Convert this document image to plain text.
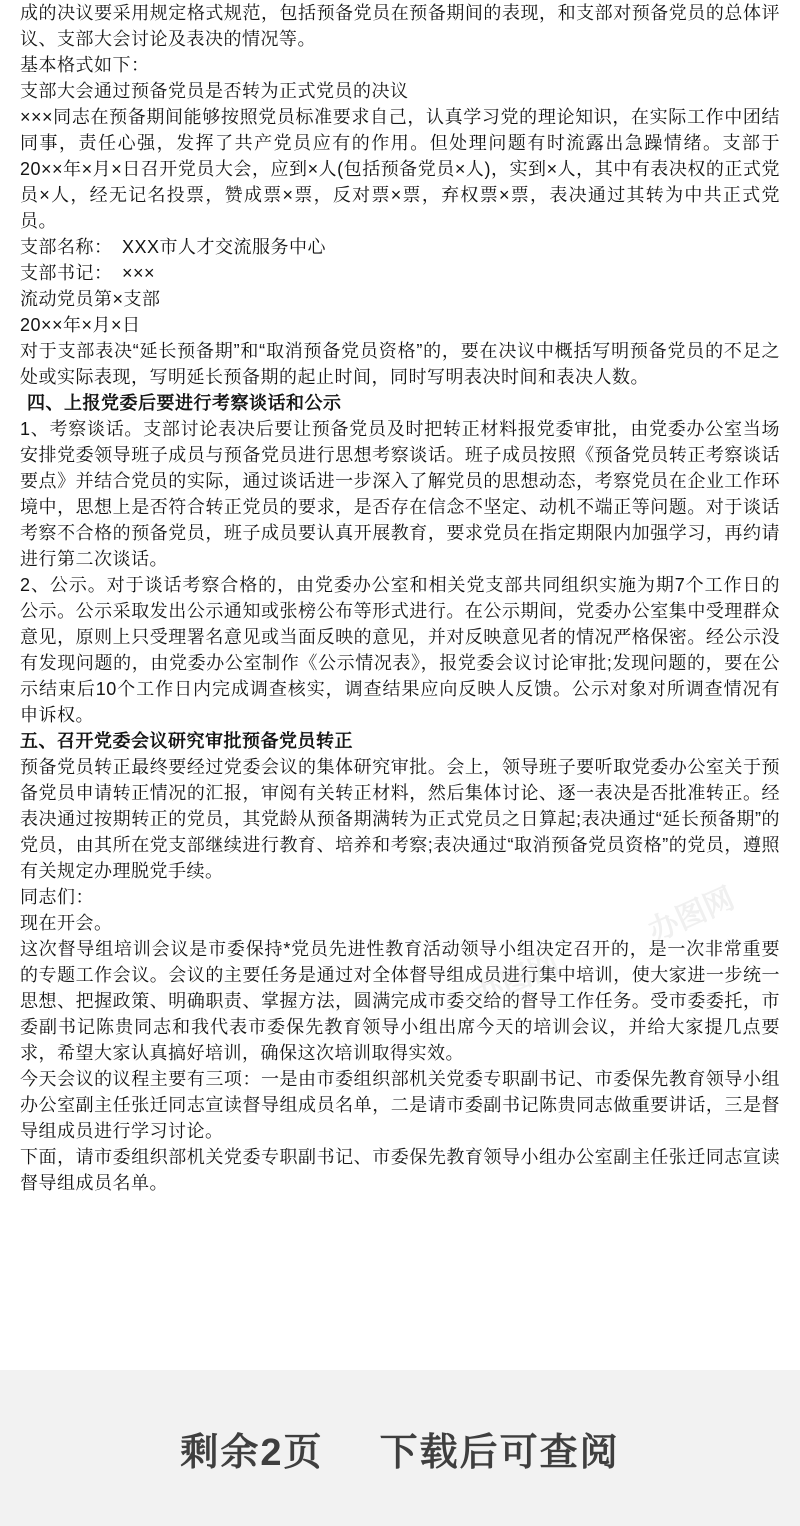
成的决议要采用规定格式规范，包括预备党员在预备期间的表现，和支部对预备党员的总体评议、支部大会讨论及表决的情况等。

基本格式如下：

支部大会通过预备党员是否转为正式党员的决议

×××同志在预备期间能够按照党员标准要求自己，认真学习党的理论知识，在实际工作中团结同事，责任心强，发挥了共产党员应有的作用。但处理问题有时流露出急躁情绪。支部于20××年×月×日召开党员大会，应到×人(包括预备党员×人)，实到×人，其中有表决权的正式党员×人，经无记名投票，赞成票×票，反对票×票，弃权票×票，表决通过其转为中共正式党员。

支部名称：　XXX市人才交流服务中心

支部书记：　×××

流动党员第×支部

20××年×月×日

对于支部表决“延长预备期”和“取消预备党员资格”的，要在决议中概括写明预备党员的不足之处或实际表现，写明延长预备期的起止时间，同时写明表决时间和表决人数。

四、上报党委后要进行考察谈话和公示

1、考察谈话。支部讨论表决后要让预备党员及时把转正材料报党委审批，由党委办公室当场安排党委领导班子成员与预备党员进行思想考察谈话。班子成员按照《预备党员转正考察谈话要点》并结合党员的实际，通过谈话进一步深入了解党员的思想动态，考察党员在企业工作环境中，思想上是否符合转正党员的要求，是否存在信念不坚定、动机不端正等问题。对于谈话考察不合格的预备党员，班子成员要认真开展教育，要求党员在指定期限内加强学习，再约请进行第二次谈话。

2、公示。对于谈话考察合格的，由党委办公室和相关党支部共同组织实施为期7个工作日的公示。公示采取发出公示通知或张榜公布等形式进行。在公示期间，党委办公室集中受理群众意见，原则上只受理署名意见或当面反映的意见，并对反映意见者的情况严格保密。经公示没有发现问题的，由党委办公室制作《公示情况表》，报党委会议讨论审批;发现问题的，要在公示结束后10个工作日内完成调查核实，调查结果应向反映人反馈。公示对象对所调查情况有申诉权。

五、召开党委会议研究审批预备党员转正

预备党员转正最终要经过党委会议的集体研究审批。会上，领导班子要听取党委办公室关于预备党员申请转正情况的汇报，审阅有关转正材料，然后集体讨论、逐一表决是否批准转正。经表决通过按期转正的党员，其党龄从预备期满转为正式党员之日算起;表决通过“延长预备期”的党员，由其所在党支部继续进行教育、培养和考察;表决通过“取消预备党员资格”的党员，遵照有关规定办理脱党手续。

同志们：

现在开会。

这次督导组培训会议是市委保持*党员先进性教育活动领导小组决定召开的，是一次非常重要的专题工作会议。会议的主要任务是通过对全体督导组成员进行集中培训，使大家进一步统一思想、把握政策、明确职责、掌握方法，圆满完成市委交给的督导工作任务。受市委委托，市委副书记陈贵同志和我代表市委保先教育领导小组出席今天的培训会议，并给大家提几点要求，希望大家认真搞好培训，确保这次培训取得实效。

今天会议的议程主要有三项：一是由市委组织部机关党委专职副书记、市委保先教育领导小组办公室副主任张迁同志宣读督导组成员名单，二是请市委副书记陈贵同志做重要讲话，三是督导组成员进行学习讨论。

下面，请市委组织部机关党委专职副书记、市委保先教育领导小组办公室副主任张迁同志宣读督导组成员名单。

办图网
办图网
剩余2页 下载后可查阅
